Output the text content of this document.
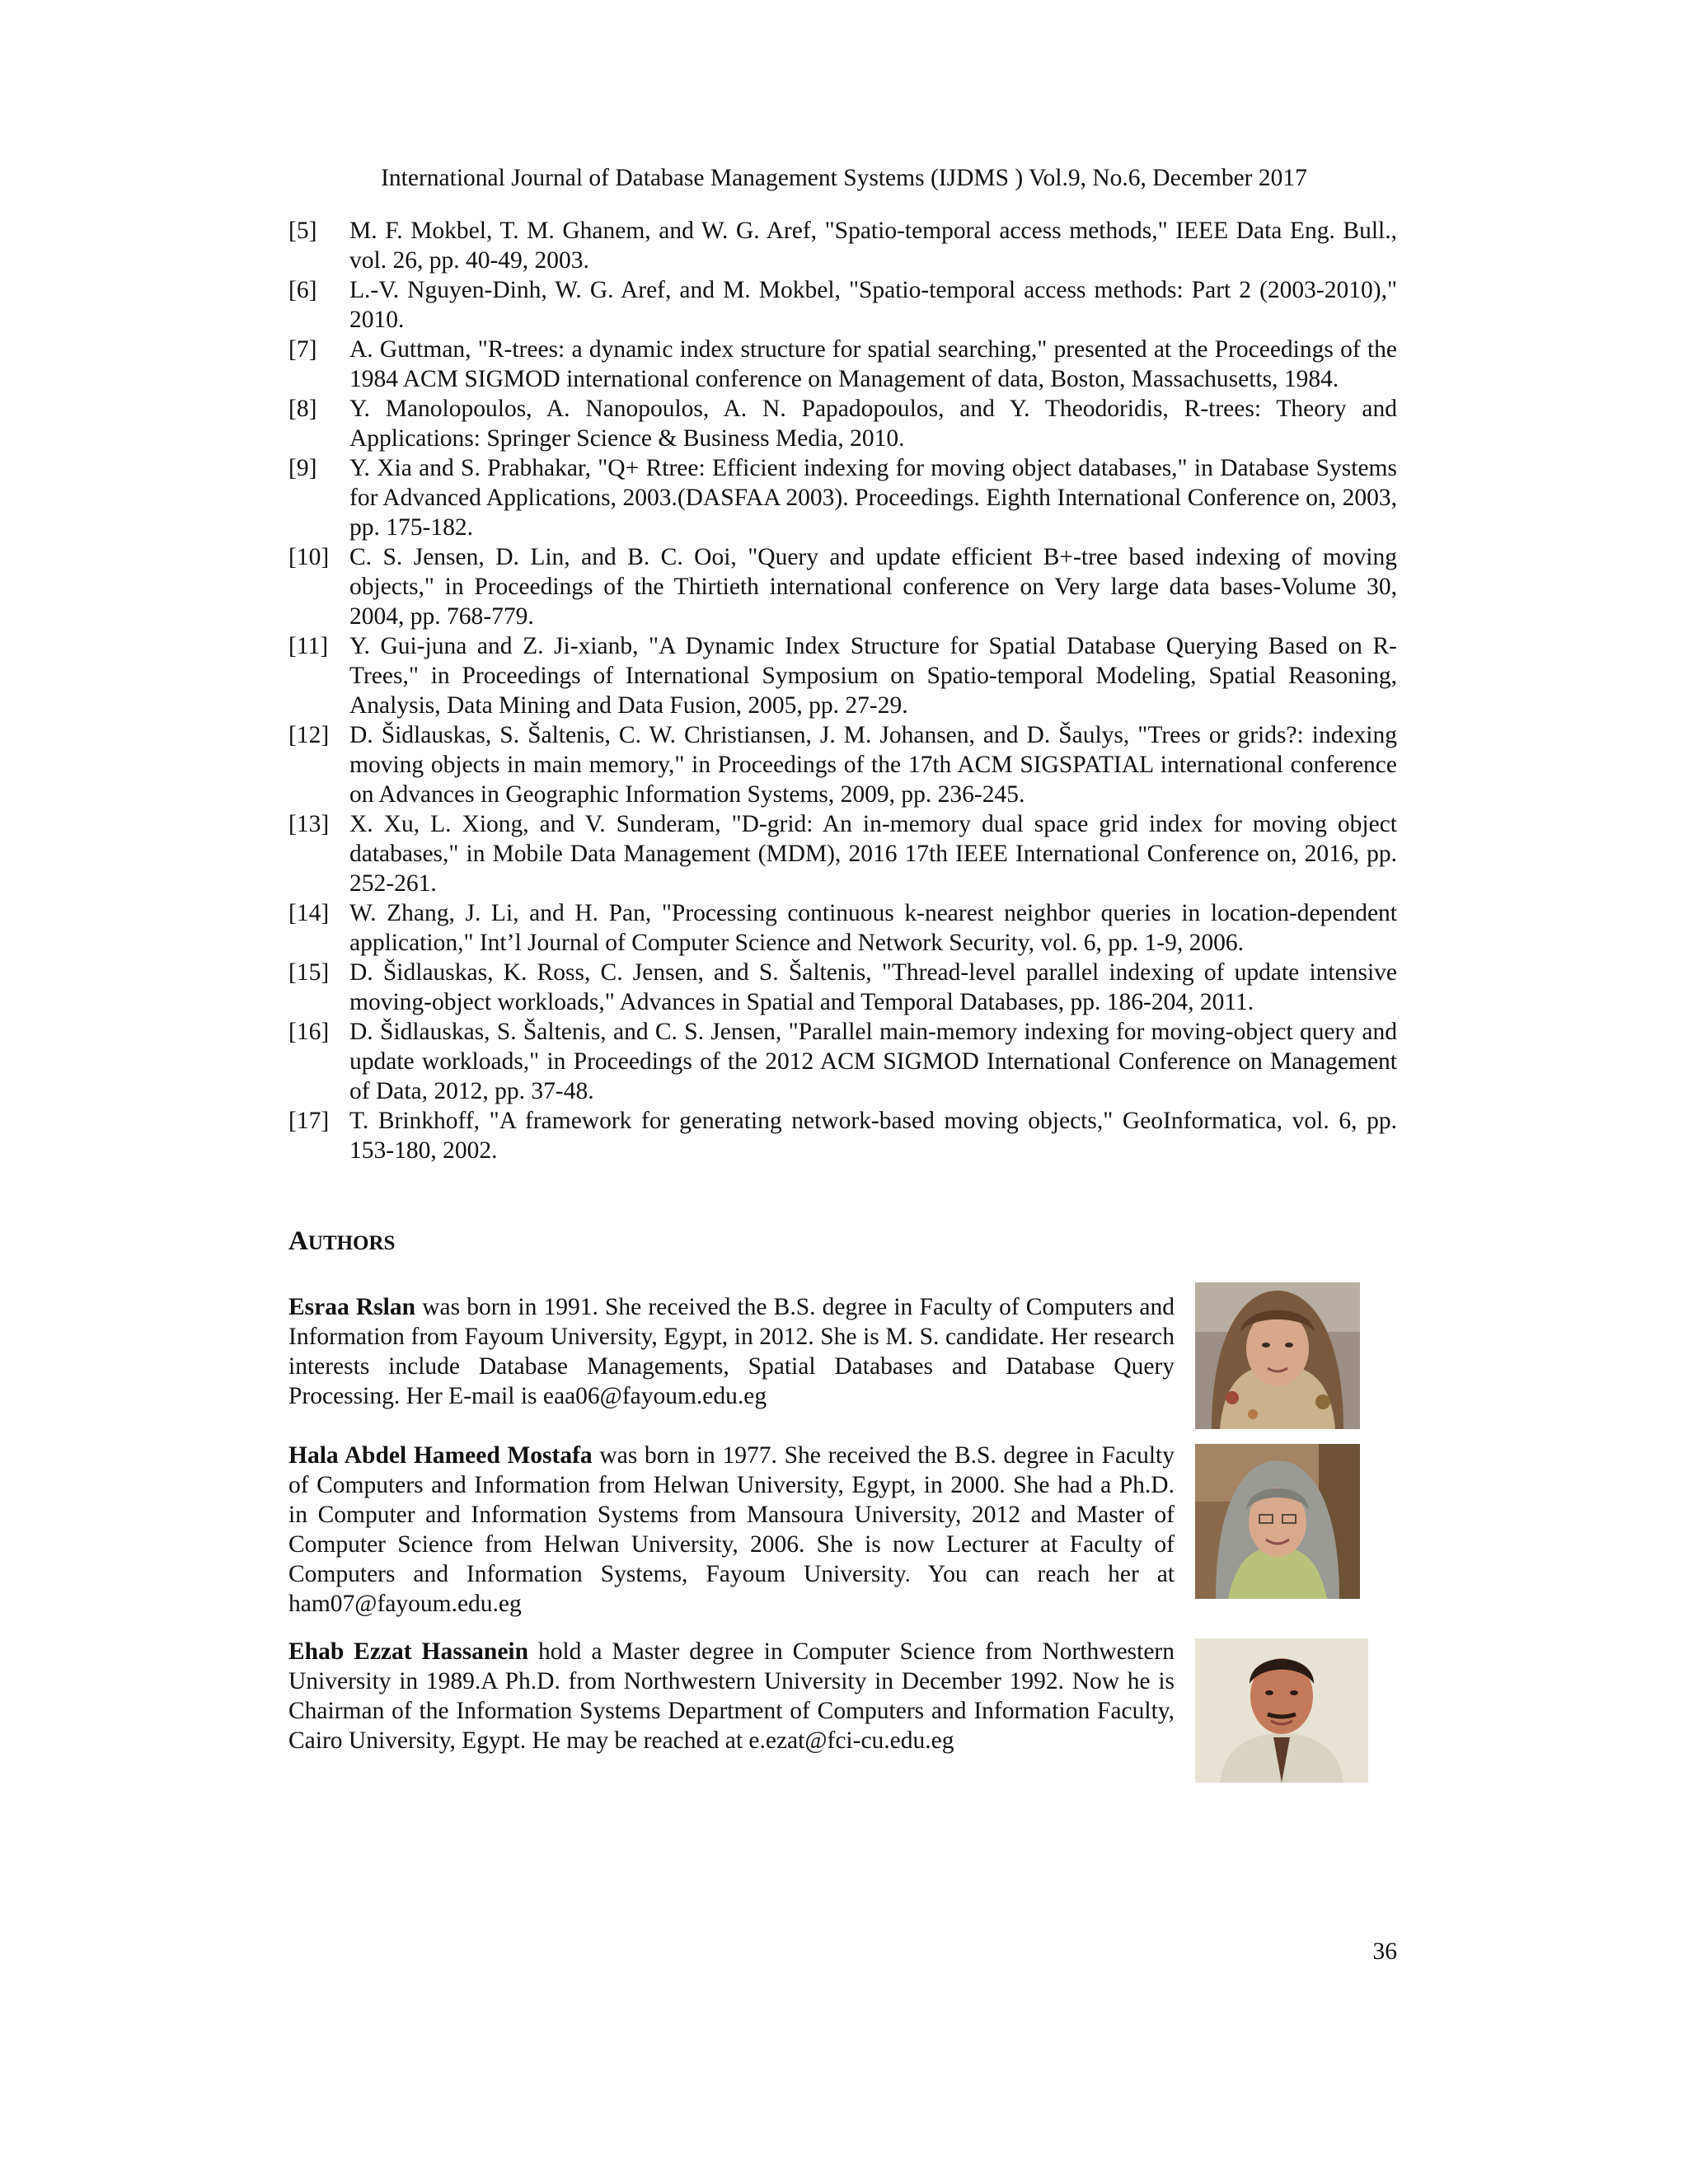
International Journal of Database Management Systems (IJDMS ) Vol.9, No.6, December 2017
[5]	M. F. Mokbel, T. M. Ghanem, and W. G. Aref, "Spatio-temporal access methods," IEEE Data Eng. Bull., vol. 26, pp. 40-49, 2003.
[6]	L.-V. Nguyen-Dinh, W. G. Aref, and M. Mokbel, "Spatio-temporal access methods: Part 2 (2003-2010)," 2010.
[7]	A. Guttman, "R-trees: a dynamic index structure for spatial searching," presented at the Proceedings of the 1984 ACM SIGMOD international conference on Management of data, Boston, Massachusetts, 1984.
[8]	Y. Manolopoulos, A. Nanopoulos, A. N. Papadopoulos, and Y. Theodoridis, R-trees: Theory and Applications: Springer Science & Business Media, 2010.
[9]	Y. Xia and S. Prabhakar, "Q+ Rtree: Efficient indexing for moving object databases," in Database Systems for Advanced Applications, 2003.(DASFAA 2003). Proceedings. Eighth International Conference on, 2003, pp. 175-182.
[10] C. S. Jensen, D. Lin, and B. C. Ooi, "Query and update efficient B+-tree based indexing of moving objects," in Proceedings of the Thirtieth international conference on Very large data bases-Volume 30, 2004, pp. 768-779.
[11] Y. Gui-juna and Z. Ji-xianb, "A Dynamic Index Structure for Spatial Database Querying Based on R-Trees," in Proceedings of International Symposium on Spatio-temporal Modeling, Spatial Reasoning, Analysis, Data Mining and Data Fusion, 2005, pp. 27-29.
[12] D. Šidlauskas, S. Šaltenis, C. W. Christiansen, J. M. Johansen, and D. Šaulys, "Trees or grids?: indexing moving objects in main memory," in Proceedings of the 17th ACM SIGSPATIAL international conference on Advances in Geographic Information Systems, 2009, pp. 236-245.
[13] X. Xu, L. Xiong, and V. Sunderam, "D-grid: An in-memory dual space grid index for moving object databases," in Mobile Data Management (MDM), 2016 17th IEEE International Conference on, 2016, pp. 252-261.
[14] W. Zhang, J. Li, and H. Pan, "Processing continuous k-nearest neighbor queries in location-dependent application," Int’l Journal of Computer Science and Network Security, vol. 6, pp. 1-9, 2006.
[15] D. Šidlauskas, K. Ross, C. Jensen, and S. Šaltenis, "Thread-level parallel indexing of update intensive moving-object workloads," Advances in Spatial and Temporal Databases, pp. 186-204, 2011.
[16] D. Šidlauskas, S. Šaltenis, and C. S. Jensen, "Parallel main-memory indexing for moving-object query and update workloads," in Proceedings of the 2012 ACM SIGMOD International Conference on Management of Data, 2012, pp. 37-48.
[17] T. Brinkhoff, "A framework for generating network-based moving objects," GeoInformatica, vol. 6, pp. 153-180, 2002.
AUTHORS

Esraa Rslan was born in 1991. She received the B.S. degree in Faculty of Computers and Information from Fayoum University, Egypt, in 2012. She is M. S. candidate. Her research interests include Database Managements, Spatial Databases and Database Query Processing. Her E-mail is eaa06@fayoum.edu.eg

Hala Abdel Hameed Mostafa was born in 1977. She received the B.S. degree in Faculty of Computers and Information from Helwan University, Egypt, in 2000. She had a Ph.D. in Computer and Information Systems from Mansoura University, 2012 and Master of Computer Science from Helwan University, 2006. She is now Lecturer at Faculty of Computers and Information Systems, Fayoum University. You can reach her at ham07@fayoum.edu.eg

Ehab Ezzat Hassanein hold a Master degree in Computer Science from Northwestern University in 1989.A Ph.D. from Northwestern University in December 1992. Now he is Chairman of the Information Systems Department of Computers and Information Faculty, Cairo University, Egypt. He may be reached at e.ezat@fci-cu.edu.eg

36
